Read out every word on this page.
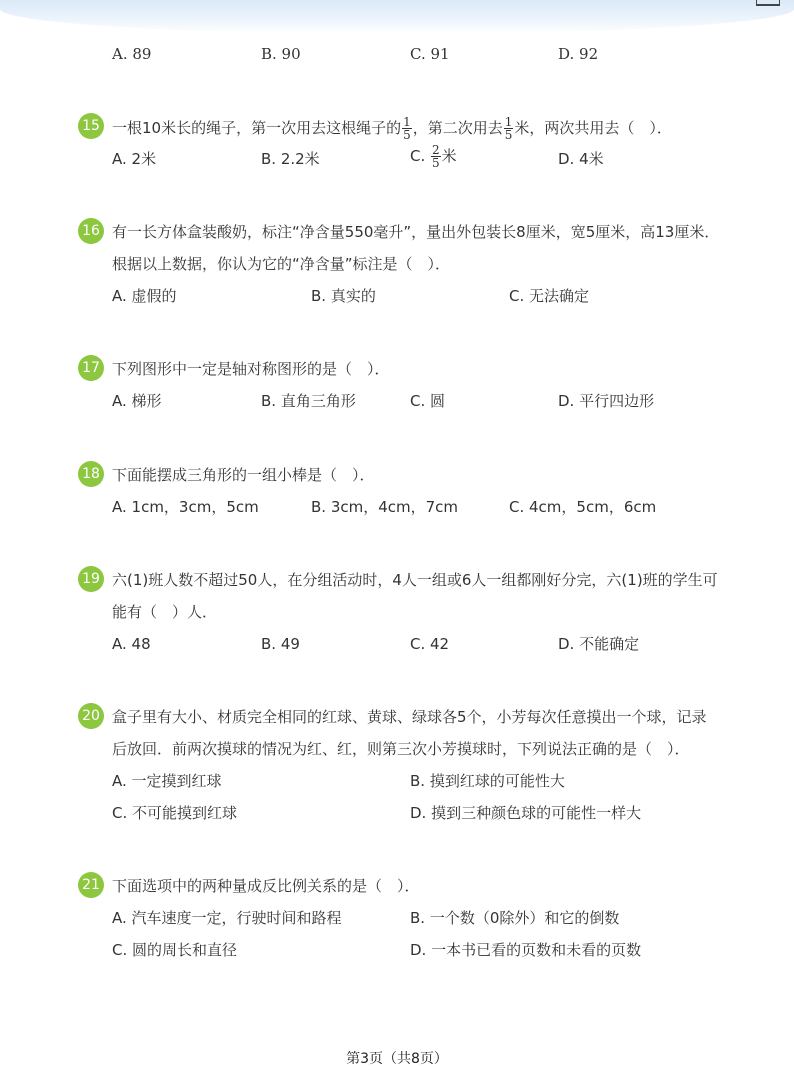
A. 89	B. 90	C. 91	D. 92
15 一根10米长的绳子，第一次用去这根绳子的 $\frac{1}{5}$ ，第二次用去 $\frac{1}{5}$ 米，两次共用去（　）．
A. 2米	B. 2.2米	C. $\frac{2}{5}$ 米	D. 4米
16 有一长方体盒装酸奶，标注“净含量550毫升”，量出外包装长8厘米，宽5厘米，高13厘米．
根据以上数据，你认为它的“净含量”标注是（　）．
A. 虚假的	B. 真实的	C. 无法确定
17 下列图形中一定是轴对称图形的是（　）．
A. 梯形	B. 直角三角形	C. 圆	D. 平行四边形
18 下面能摆成三角形的一组小棒是（　）．
A. 1cm，3cm，5cm	B. 3cm，4cm，7cm	C. 4cm，5cm，6cm
19 六(1)班人数不超过50人，在分组活动时，4人一组或6人一组都刚好分完，六(1)班的学生可
能有（　）人．
A. 48	B. 49	C. 42	D. 不能确定
20 盒子里有大小、材质完全相同的红球、黄球、绿球各5个，小芳每次任意摸出一个球，记录
后放回．前两次摸球的情况为红、红，则第三次小芳摸球时，下列说法正确的是（　）．
A. 一定摸到红球	B. 摸到红球的可能性大
C. 不可能摸到红球	D. 摸到三种颜色球的可能性一样大
21 下面选项中的两种量成反比例关系的是（　）．
A. 汽车速度一定，行驶时间和路程	B. 一个数（0除外）和它的倒数
C. 圆的周长和直径	D. 一本书已看的页数和未看的页数
第3页（共8页）
